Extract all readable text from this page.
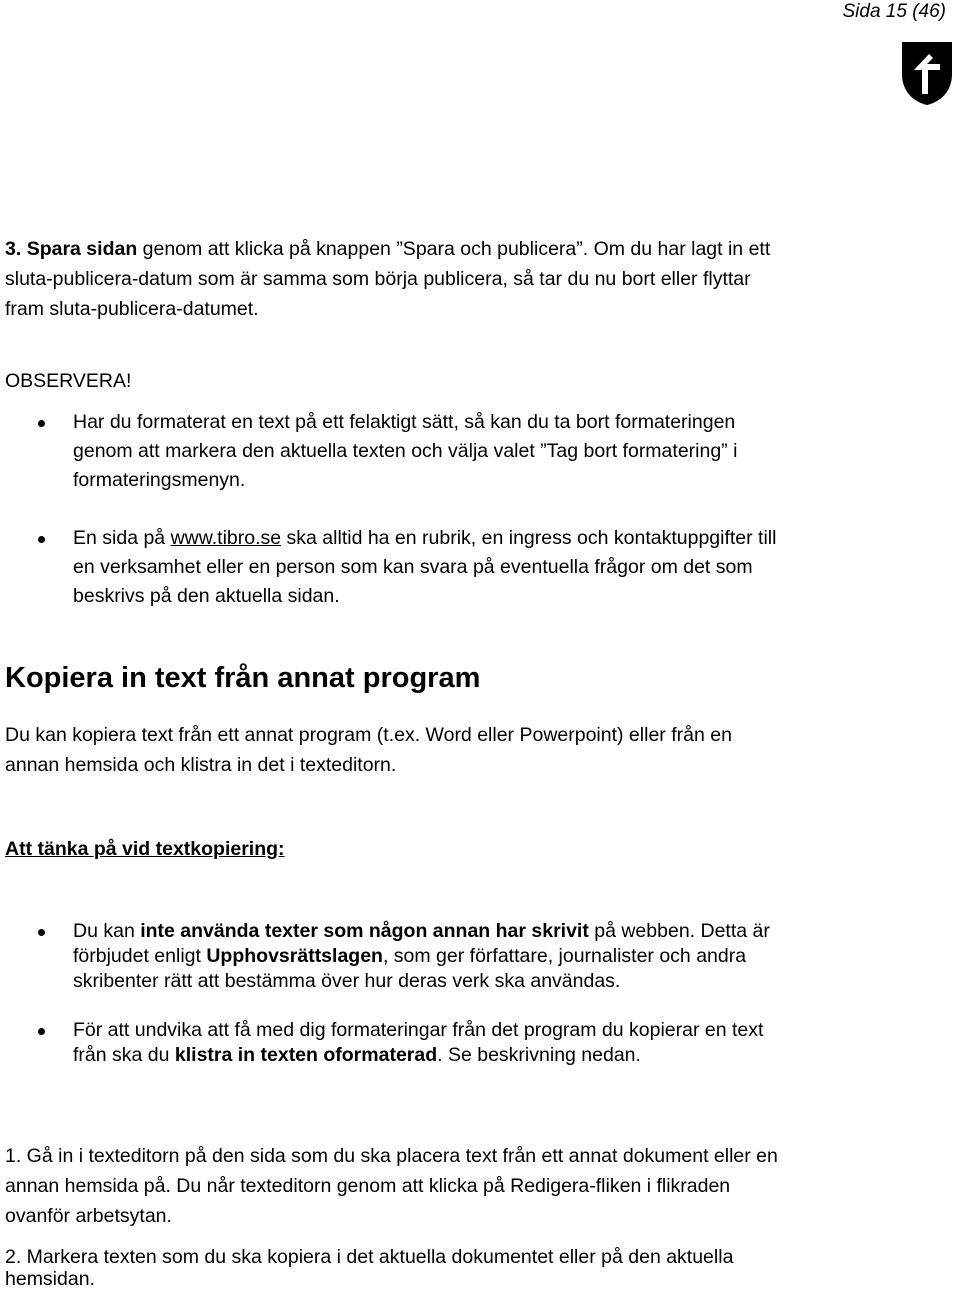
Sida 15 (46)
3. Spara sidan genom att klicka på knappen ”Spara och publicera”. Om du har lagt in ett
sluta-publicera-datum som är samma som börja publicera, så tar du nu bort eller flyttar
fram sluta-publicera-datumet.
OBSERVERA!
Har du formaterat en text på ett felaktigt sätt, så kan du ta bort formateringen
genom att markera den aktuella texten och välja valet ”Tag bort formatering” i
formateringsmenyn.
En sida på www.tibro.se ska alltid ha en rubrik, en ingress och kontaktuppgifter till
en verksamhet eller en person som kan svara på eventuella frågor om det som
beskrivs på den aktuella sidan.
Kopiera in text från annat program
Du kan kopiera text från ett annat program (t.ex. Word eller Powerpoint) eller från en
annan hemsida och klistra in det i texteditorn.
Att tänka på vid textkopiering:
Du kan inte använda texter som någon annan har skrivit på webben. Detta är
förbjudet enligt Upphovsrättslagen, som ger författare, journalister och andra
skribenter rätt att bestämma över hur deras verk ska användas.
För att undvika att få med dig formateringar från det program du kopierar en text
från ska du klistra in texten oformaterad. Se beskrivning nedan.
1. Gå in i texteditorn på den sida som du ska placera text från ett annat dokument eller en
annan hemsida på. Du når texteditorn genom att klicka på Redigera-fliken i flikraden
ovanför arbetsytan.
2. Markera texten som du ska kopiera i det aktuella dokumentet eller på den aktuella
hemsidan.
